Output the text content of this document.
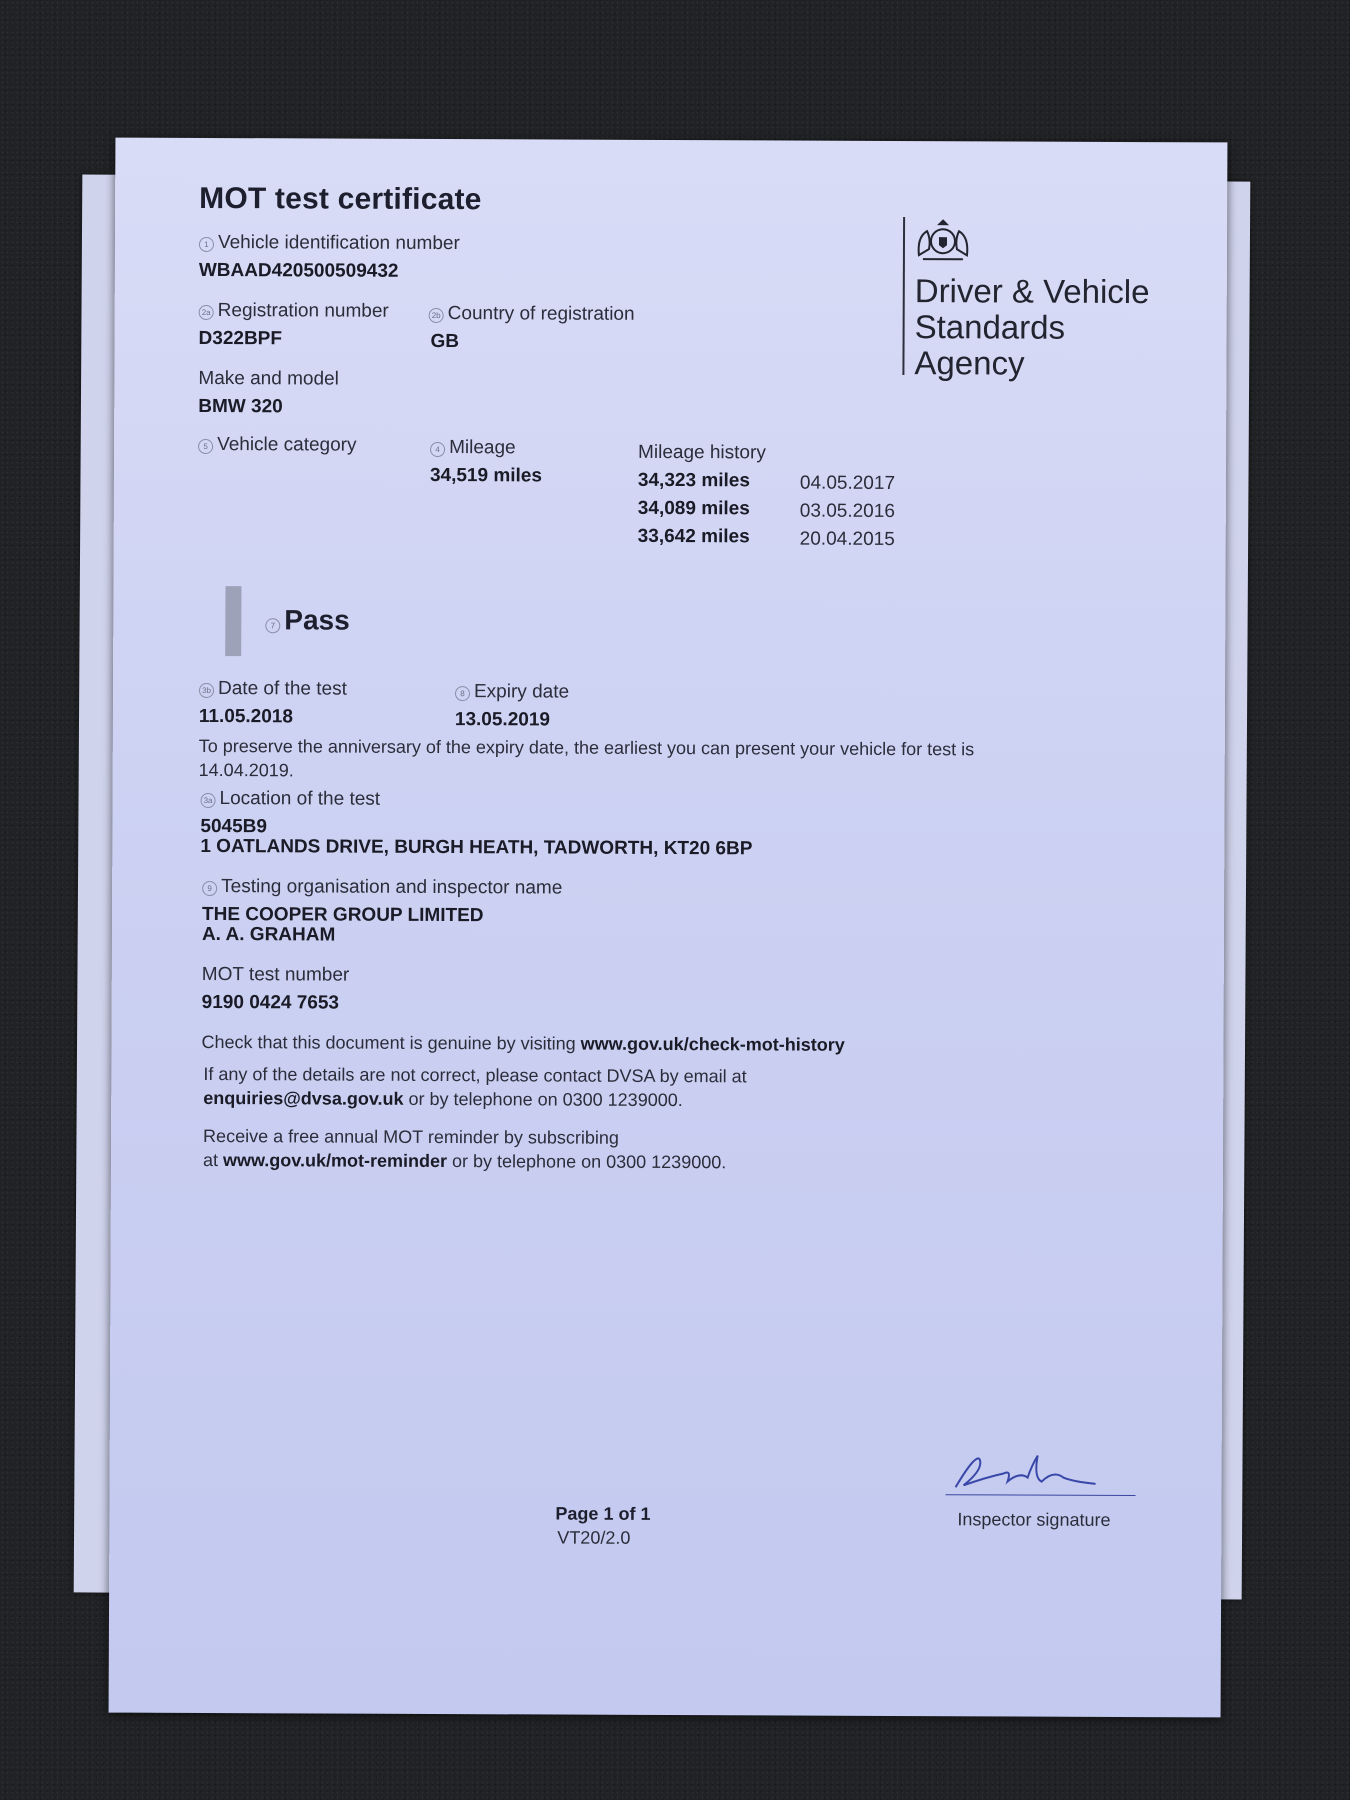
MOT test certificate
Driver & Vehicle
Standards
Agency
1 Vehicle identification number
WBAAD420500509432
2a Registration number
D322BPF
2b Country of registration
GB
Make and model
BMW 320
5 Vehicle category	4 Mileage
34,519 miles
Mileage history
34,323 miles	04.05.2017
34,089 miles	03.05.2016
33,642 miles	20.04.2015
7 Pass
3b Date of the test
11.05.2018
8 Expiry date
13.05.2019
To preserve the anniversary of the expiry date, the earliest you can present your vehicle for test is
14.04.2019.
3a Location of the test
5045B9
1 OATLANDS DRIVE, BURGH HEATH, TADWORTH, KT20 6BP
9 Testing organisation and inspector name
THE COOPER GROUP LIMITED
A. A. GRAHAM
MOT test number
9190 0424 7653
Check that this document is genuine by visiting www.gov.uk/check-mot-history
If any of the details are not correct, please contact DVSA by email at
enquiries@dvsa.gov.uk or by telephone on 0300 1239000.
Receive a free annual MOT reminder by subscribing
at www.gov.uk/mot-reminder or by telephone on 0300 1239000.
Page 1 of 1
VT20/2.0
Inspector signature
